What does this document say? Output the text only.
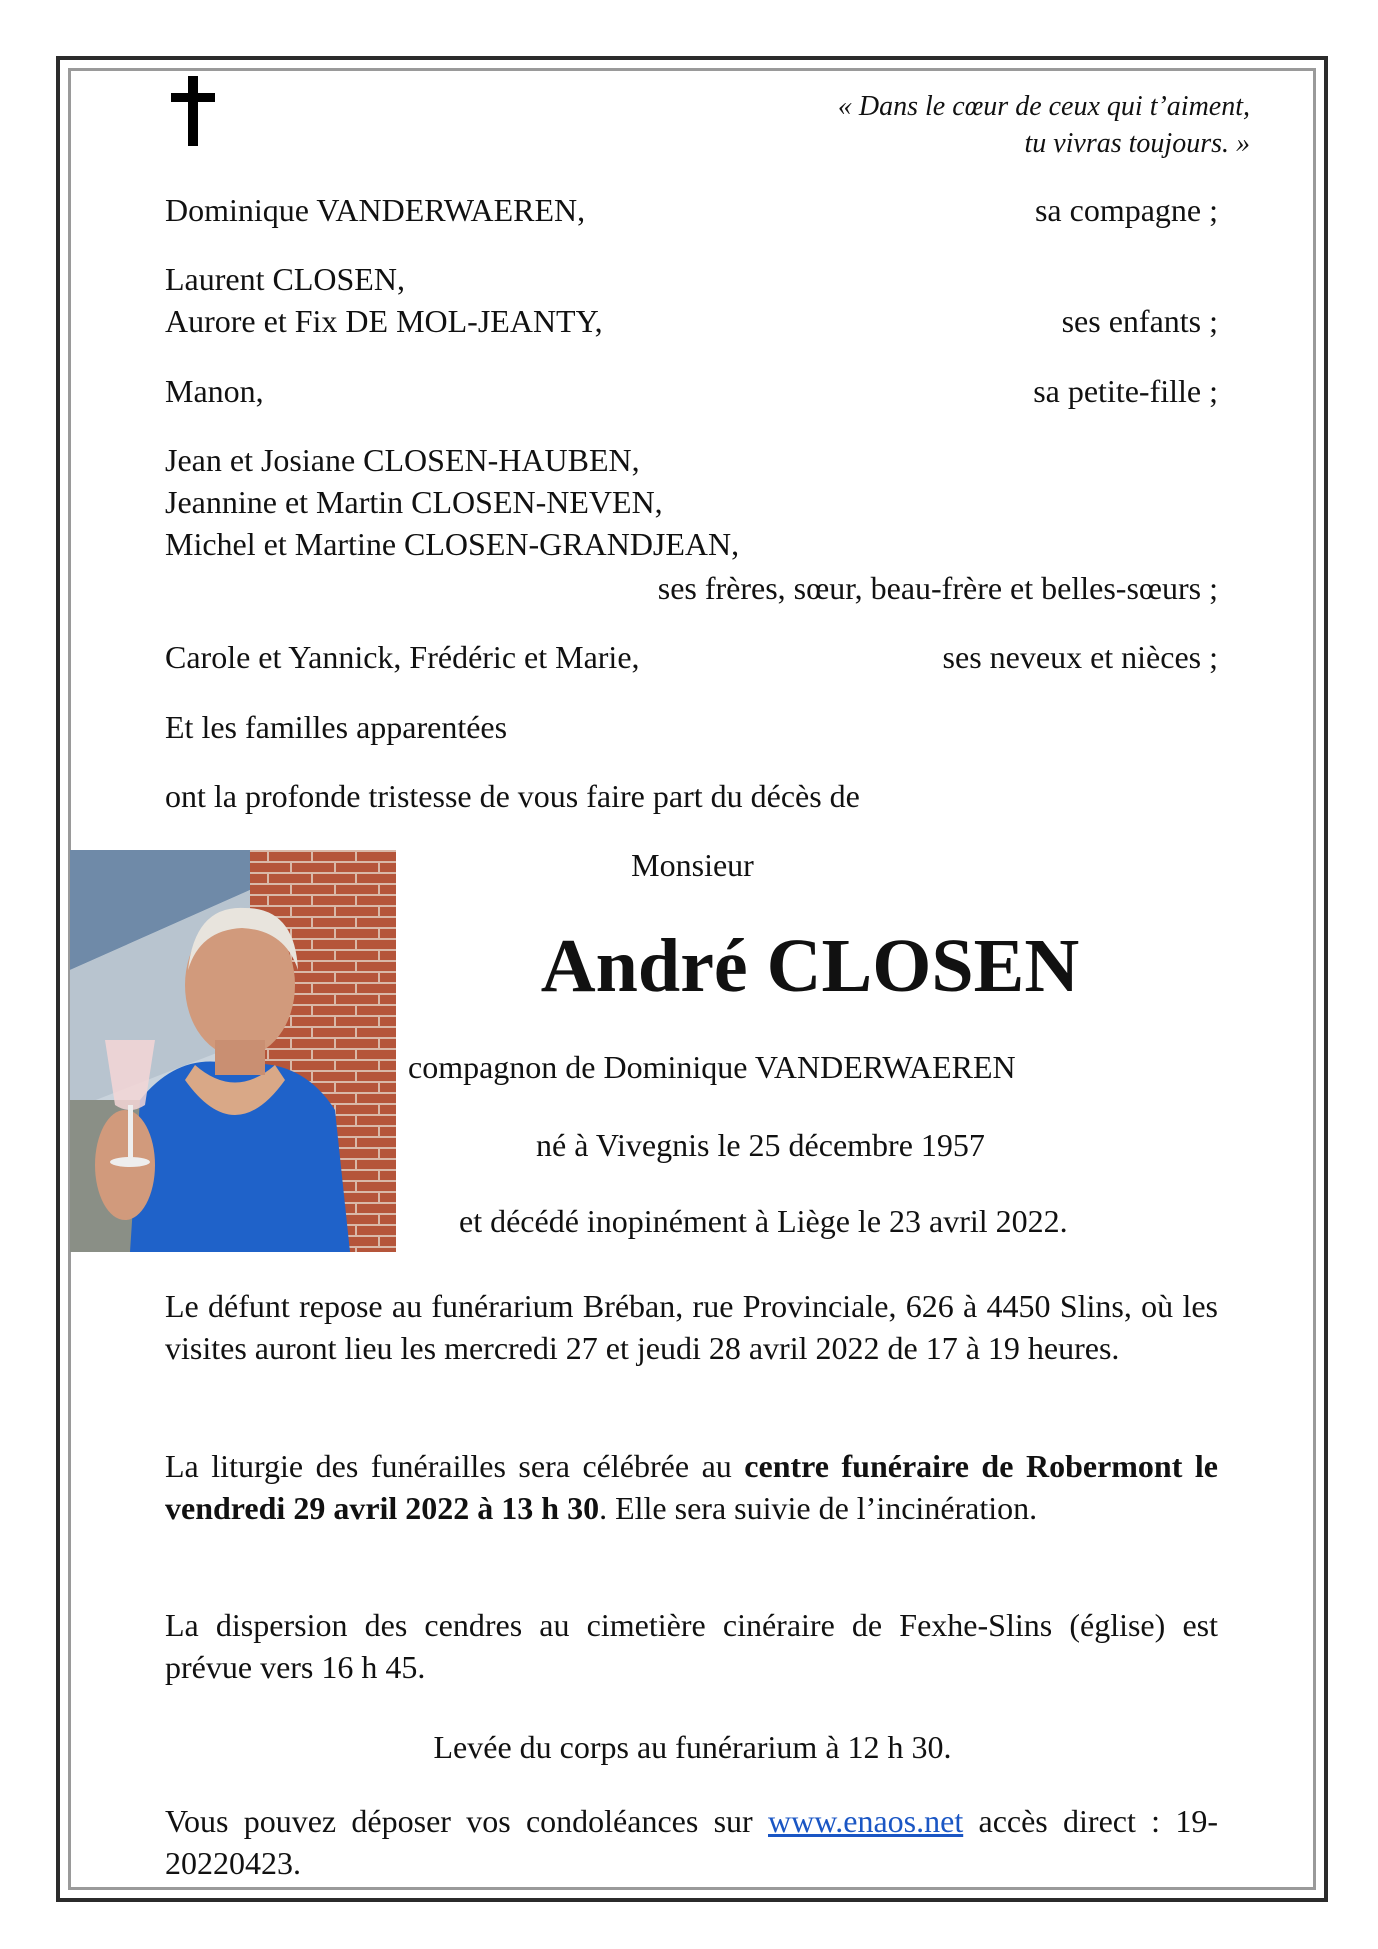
« Dans le cœur de ceux qui t’aiment,
tu vivras toujours. »
Dominique VANDERWAEREN,	sa compagne ;
Laurent CLOSEN,
Aurore et Fix DE MOL-JEANTY,	ses enfants ;
Manon,	sa petite-fille ;
Jean et Josiane CLOSEN-HAUBEN,
Jeannine et Martin CLOSEN-NEVEN,
Michel et Martine CLOSEN-GRANDJEAN,
ses frères, sœur, beau-frère et belles-sœurs ;
Carole et Yannick, Frédéric et Marie,	ses neveux et nièces ;
Et les familles apparentées
ont la profonde tristesse de vous faire part du décès de
Monsieur
André CLOSEN
compagnon de Dominique VANDERWAEREN
né à Vivegnis le 25 décembre 1957
et décédé inopinément à Liège le 23 avril 2022.
Le défunt repose au funérarium Bréban, rue Provinciale, 626 à 4450 Slins, où les visites auront lieu les mercredi 27 et jeudi 28 avril 2022 de 17 à 19 heures.
La liturgie des funérailles sera célébrée au centre funéraire de Robermont le vendredi 29 avril 2022 à 13 h 30. Elle sera suivie de l’incinération.
La dispersion des cendres au cimetière cinéraire de Fexhe-Slins (église) est prévue vers 16 h 45.
Levée du corps au funérarium à 12 h 30.
Vous pouvez déposer vos condoléances sur www.enaos.net accès direct : 19-20220423.
